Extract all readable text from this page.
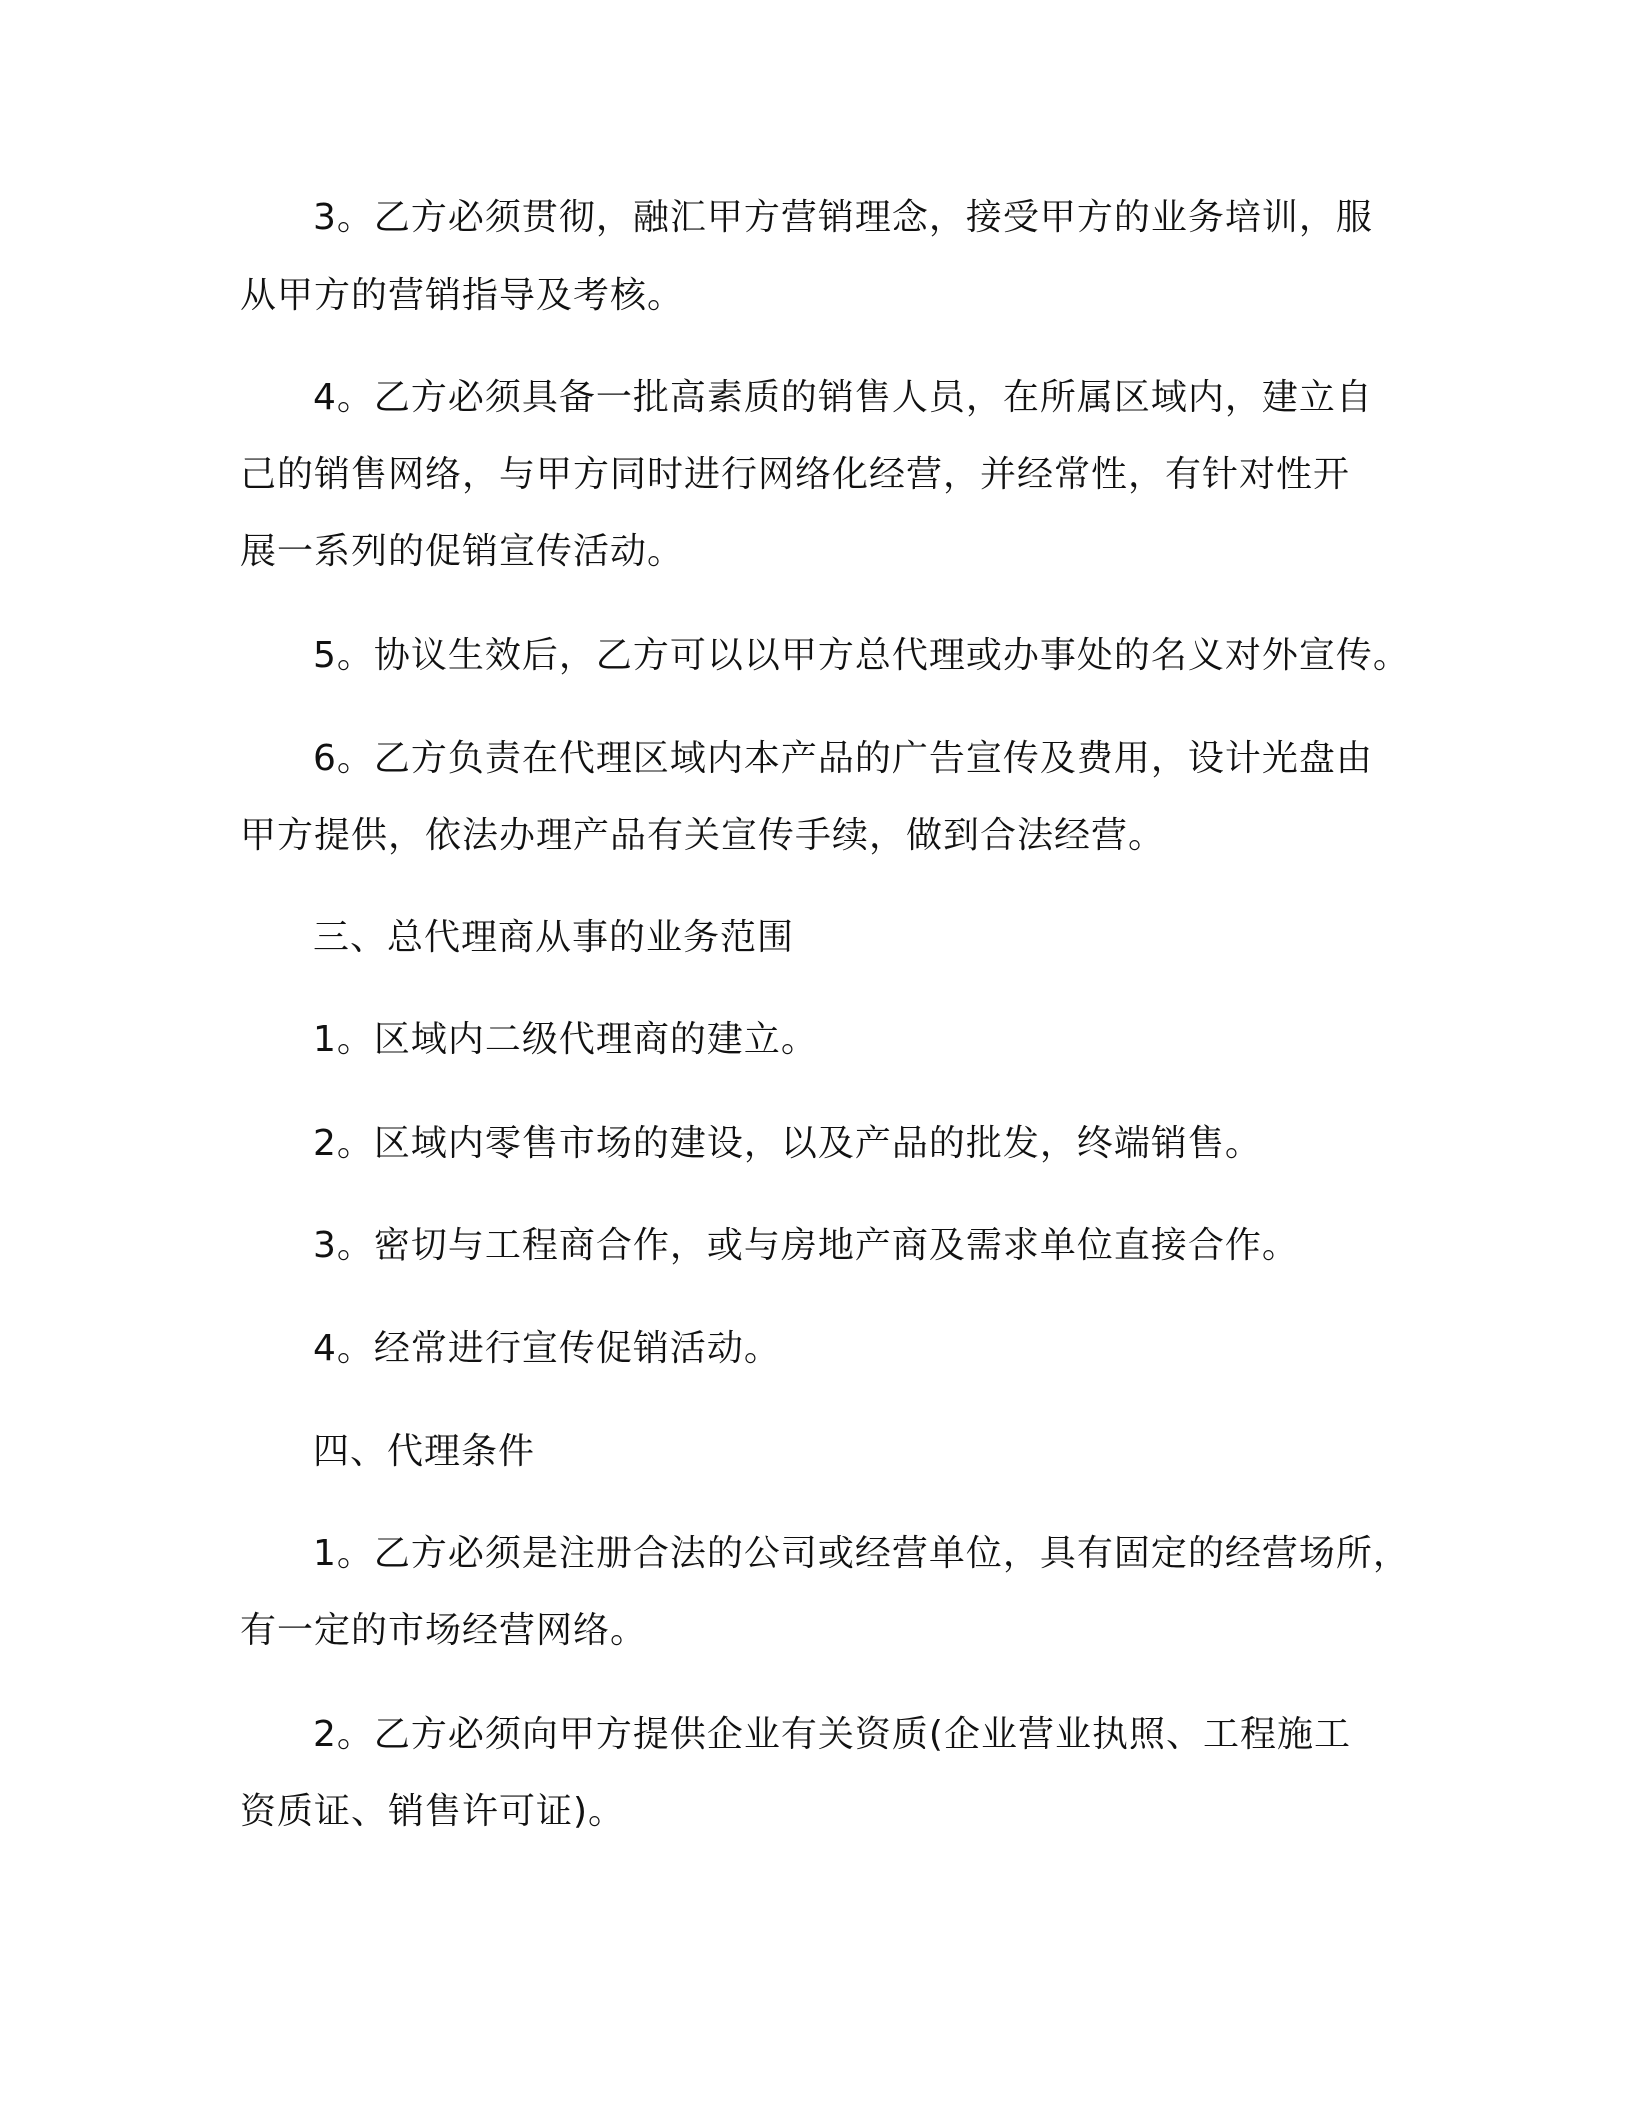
3。乙方必须贯彻，融汇甲方营销理念，接受甲方的业务培训，服
从甲方的营销指导及考核。
4。乙方必须具备一批高素质的销售人员，在所属区域内，建立自
己的销售网络，与甲方同时进行网络化经营，并经常性，有针对性开
展一系列的促销宣传活动。
5。协议生效后，乙方可以以甲方总代理或办事处的名义对外宣传。
6。乙方负责在代理区域内本产品的广告宣传及费用，设计光盘由
甲方提供，依法办理产品有关宣传手续，做到合法经营。
三、总代理商从事的业务范围
1。区域内二级代理商的建立。
2。区域内零售市场的建设，以及产品的批发，终端销售。
3。密切与工程商合作，或与房地产商及需求单位直接合作。
4。经常进行宣传促销活动。
四、代理条件
1。乙方必须是注册合法的公司或经营单位，具有固定的经营场所，
有一定的市场经营网络。
2。乙方必须向甲方提供企业有关资质(企业营业执照、工程施工
资质证、销售许可证)。
